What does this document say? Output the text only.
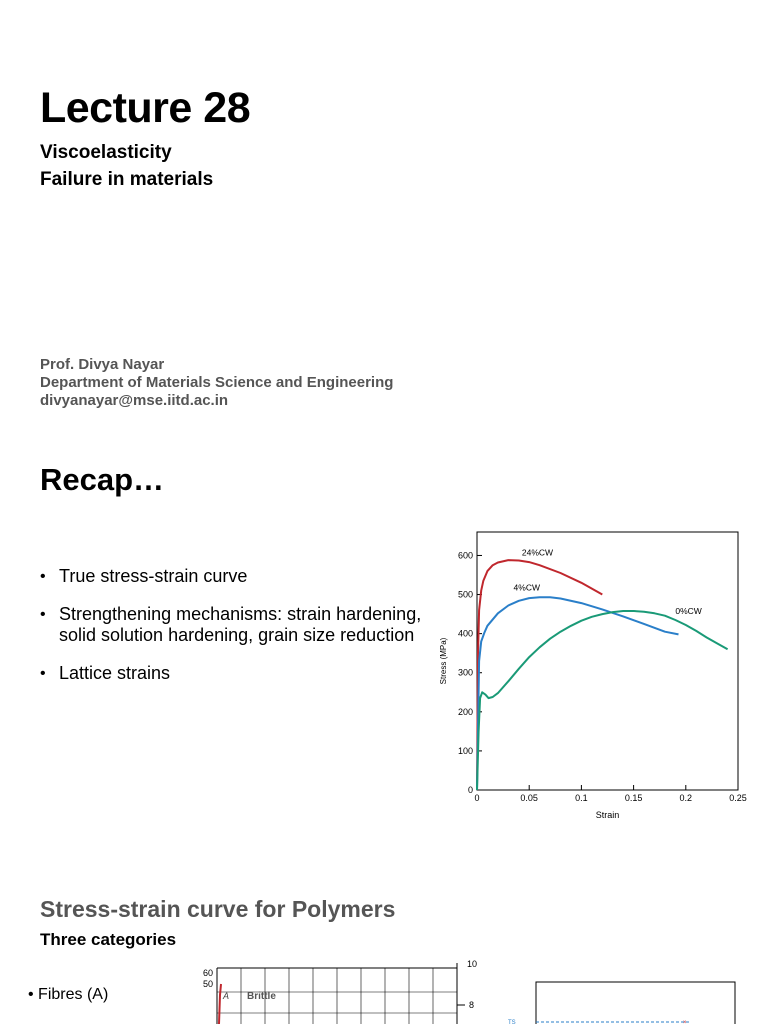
Lecture 28
Viscoelasticity
Failure in materials
Prof. Divya Nayar
Department of Materials Science and Engineering
divyanayar@mse.iitd.ac.in
Recap…
• True stress-strain curve
• Strengthening mechanisms: strain hardening, solid solution hardening, grain size reduction
• Lattice strains
0	0.05	0.1	0.15	0.2	0.25
0
100
200
300
400
500
600
Strain
Stress (MPa)
24%CW
4%CW
0%CW
Stress-strain curve for Polymers
Three categories
• Fibres (A)
50
60
10
8
A Brittle
TS	×
